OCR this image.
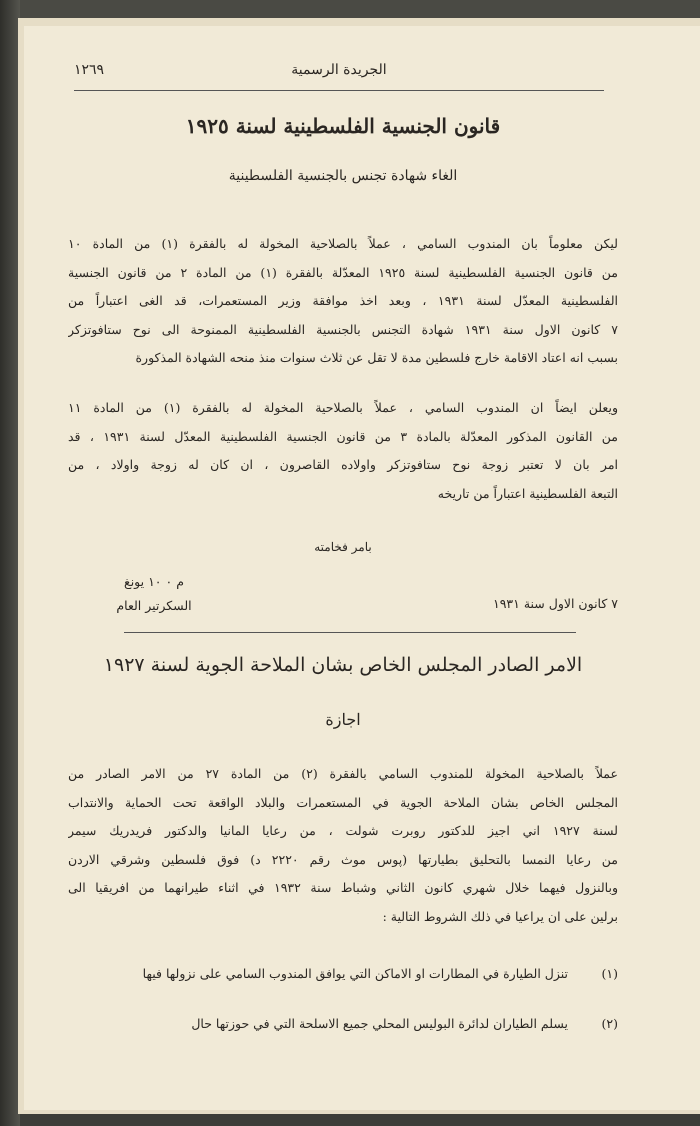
الجريدة الرسمية
١٢٦٩
قانون الجنسية الفلسطينية لسنة ١٩٢٥
الغاء شهادة تجنس بالجنسية الفلسطينية
ليكن معلوماً بان المندوب السامي ، عملاً بالصلاحية المخولة له بالفقرة (١) من المادة ١٠
من قانون الجنسية الفلسطينية لسنة ١٩٢٥ المعدّلة بالفقرة (١) من المادة ٢ من قانون الجنسية
الفلسطينية المعدّل لسنة ١٩٣١ ، وبعد اخذ موافقة وزير المستعمرات، قد الغى اعتباراً من
٧ كانون الاول سنة ١٩٣١ شهادة التجنس بالجنسية الفلسطينية الممنوحة الى نوح ستافوتزكر
بسبب انه اعتاد الاقامة خارج فلسطين مدة لا تقل عن ثلاث سنوات منذ منحه الشهادة المذكورة
ويعلن ايضاً ان المندوب السامي ، عملاً بالصلاحية المخولة له بالفقرة (١) من المادة ١١
من القانون المذكور المعدّلة بالمادة ٣ من قانون الجنسية الفلسطينية المعدّل لسنة ١٩٣١ ، قد
امر بان لا تعتبر زوجة نوح ستافوتزكر واولاده القاصرون ، ان كان له زوجة واولاد ، من
التبعة الفلسطينية اعتباراً من تاريخه
بامر فخامته
م ٠ ١٠ يونغ
السكرتير العام	٧ كانون الاول سنة ١٩٣١
الامر الصادر المجلس الخاص بشان الملاحة الجوية لسنة ١٩٢٧
اجازة
عملاً بالصلاحية المخولة للمندوب السامي بالفقرة (٢) من المادة ٢٧ من الامر الصادر من
المجلس الخاص بشان الملاحة الجوية في المستعمرات والبلاد الواقعة تحت الحماية والانتداب
لسنة ١٩٢٧ اني اجيز للدكتور روبرت شولت ، من رعايا المانيا والدكتور فريدريك سيمر
من رعايا النمسا بالتحليق بطيارتها (پوس موث رقم ٢٢٢٠ د) فوق فلسطين وشرقي الاردن
وبالنزول فيهما خلال شهري كانون الثاني وشباط سنة ١٩٣٢ في اثناء طيرانهما من افريقيا الى
برلين على ان يراعيا في ذلك الشروط التالية :
(١) تنزل الطيارة في المطارات او الاماكن التي يوافق المندوب السامي على نزولها فيها
(٢) يسلم الطياران لدائرة البوليس المحلي جميع الاسلحة التي في حوزتها حال
